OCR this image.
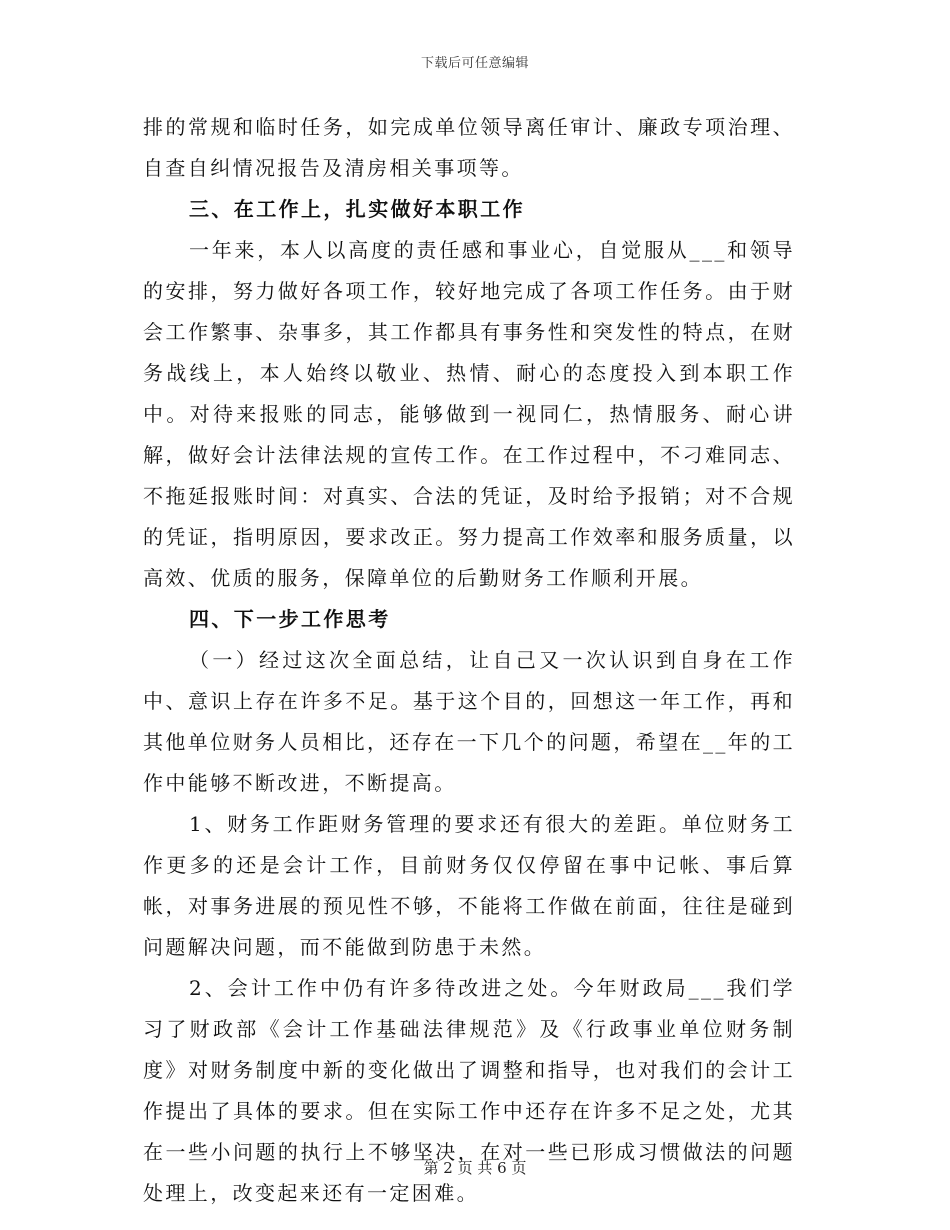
下载后可任意编辑

排的常规和临时任务，如完成单位领导离任审计、廉政专项治理、自查自纠情况报告及清房相关事项等。

三、在工作上，扎实做好本职工作

一年来，本人以高度的责任感和事业心，自觉服从___和领导的安排，努力做好各项工作，较好地完成了各项工作任务。由于财会工作繁事、杂事多，其工作都具有事务性和突发性的特点，在财务战线上，本人始终以敬业、热情、耐心的态度投入到本职工作中。对待来报账的同志，能够做到一视同仁，热情服务、耐心讲解，做好会计法律法规的宣传工作。在工作过程中，不刁难同志、不拖延报账时间：对真实、合法的凭证，及时给予报销；对不合规的凭证，指明原因，要求改正。努力提高工作效率和服务质量，以高效、优质的服务，保障单位的后勤财务工作顺利开展。

四、下一步工作思考

（一）经过这次全面总结，让自己又一次认识到自身在工作中、意识上存在许多不足。基于这个目的，回想这一年工作，再和其他单位财务人员相比，还存在一下几个的问题，希望在__年的工作中能够不断改进，不断提高。

1、财务工作距财务管理的要求还有很大的差距。单位财务工作更多的还是会计工作，目前财务仅仅停留在事中记帐、事后算帐，对事务进展的预见性不够，不能将工作做在前面，往往是碰到问题解决问题，而不能做到防患于未然。

2、会计工作中仍有许多待改进之处。今年财政局___我们学习了财政部《会计工作基础法律规范》及《行政事业单位财务制度》对财务制度中新的变化做出了调整和指导，也对我们的会计工作提出了具体的要求。但在实际工作中还存在许多不足之处，尤其在一些小问题的执行上不够坚决，在对一些已形成习惯做法的问题处理上，改变起来还有一定困难。

第 2 页 共 6 页
